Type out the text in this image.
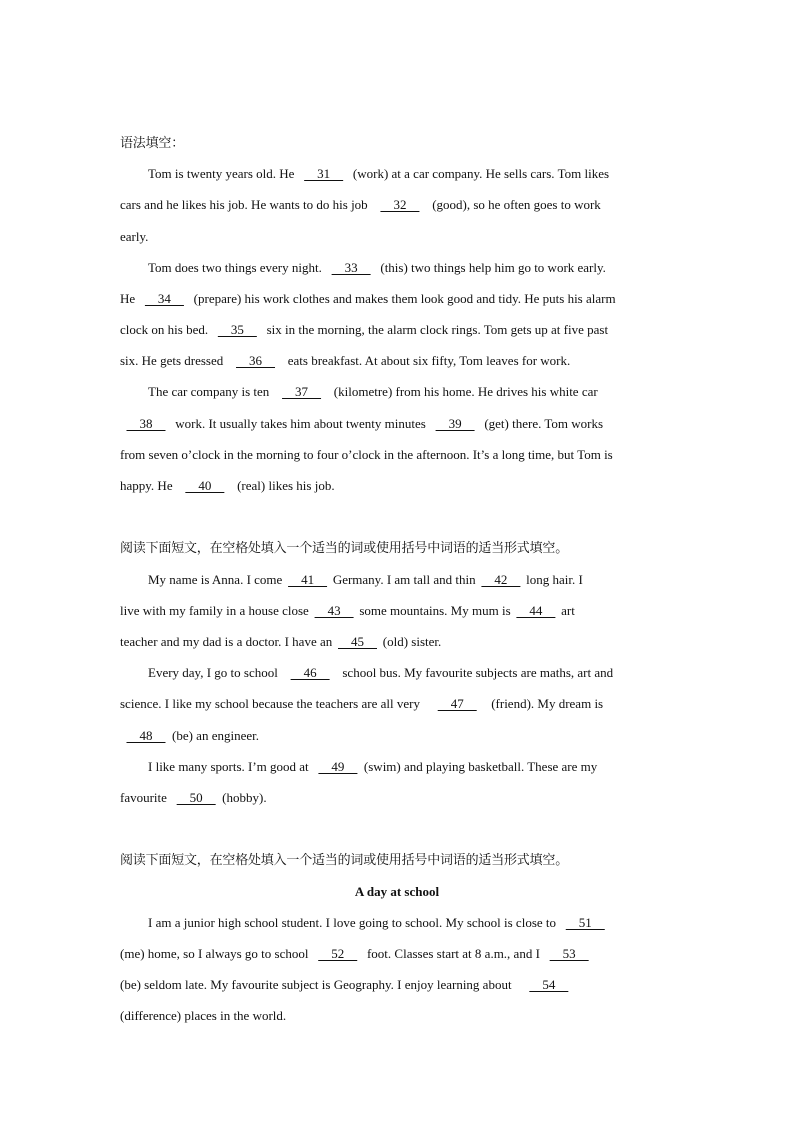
语法填空：
Tom is twenty years old. He   31   (work) at a car company. He sells cars. Tom likes
cars and he likes his job. He wants to do his job   32   (good), so he often goes to work
early.
Tom does two things every night.   33   (this) two things help him go to work early.
He   34   (prepare) his work clothes and makes them look good and tidy. He puts his alarm
clock on his bed.   35   six in the morning, the alarm clock rings. Tom gets up at five past
six. He gets dressed   36   eats breakfast. At about six fifty, Tom leaves for work.
The car company is ten   37   (kilometre) from his home. He drives his white car
  38   work. It usually takes him about twenty minutes   39   (get) there. Tom works
from seven o’clock in the morning to four o’clock in the afternoon. It’s a long time, but Tom is
happy. He   40   (real) likes his job.
阅读下面短文，在空格处填入一个适当的词或使用括号中词语的适当形式填空。
My name is Anna. I come   41   Germany. I am tall and thin   42   long hair. I
live with my family in a house close   43   some mountains. My mum is   44   art
teacher and my dad is a doctor. I have an   45   (old) sister.
Every day, I go to school   46   school bus. My favourite subjects are maths, art and
science. I like my school because the teachers are all very   47  (friend). My dream is
  48  (be) an engineer.
I like many sports. I’m good at   49  (swim) and playing basketball. These are my
favourite   50  (hobby).
阅读下面短文，在空格处填入一个适当的词或使用括号中词语的适当形式填空。
A day at school
I am a junior high school student. I love going to school. My school is close to   51  
(me) home, so I always go to school   52   foot. Classes start at 8 a.m., and I   53  
(be) seldom late. My favourite subject is Geography. I enjoy learning about   54  
(difference) places in the world.
